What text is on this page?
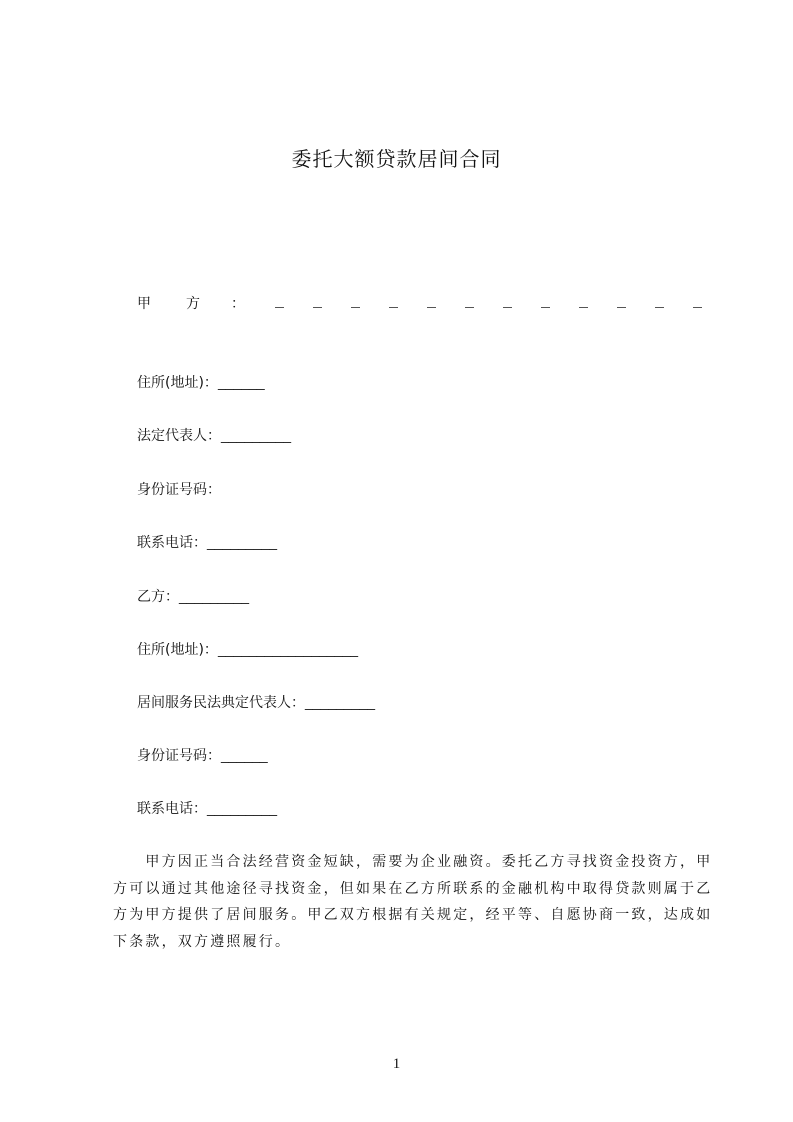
委托大额贷款居间合同
甲	方 ：
住所(地址)：______
法定代表人：_________
身份证号码：
联系电话：_________
乙方：_________
住所(地址)：__________________
居间服务民法典定代表人：_________
身份证号码：______
联系电话：_________
　　甲方因正当合法经营资金短缺，需要为企业融资。委托乙方寻找资金投资方，甲
方可以通过其他途径寻找资金，但如果在乙方所联系的金融机构中取得贷款则属于乙
方为甲方提供了居间服务。甲乙双方根据有关规定，经平等、自愿协商一致，达成如
下条款，双方遵照履行。
1
